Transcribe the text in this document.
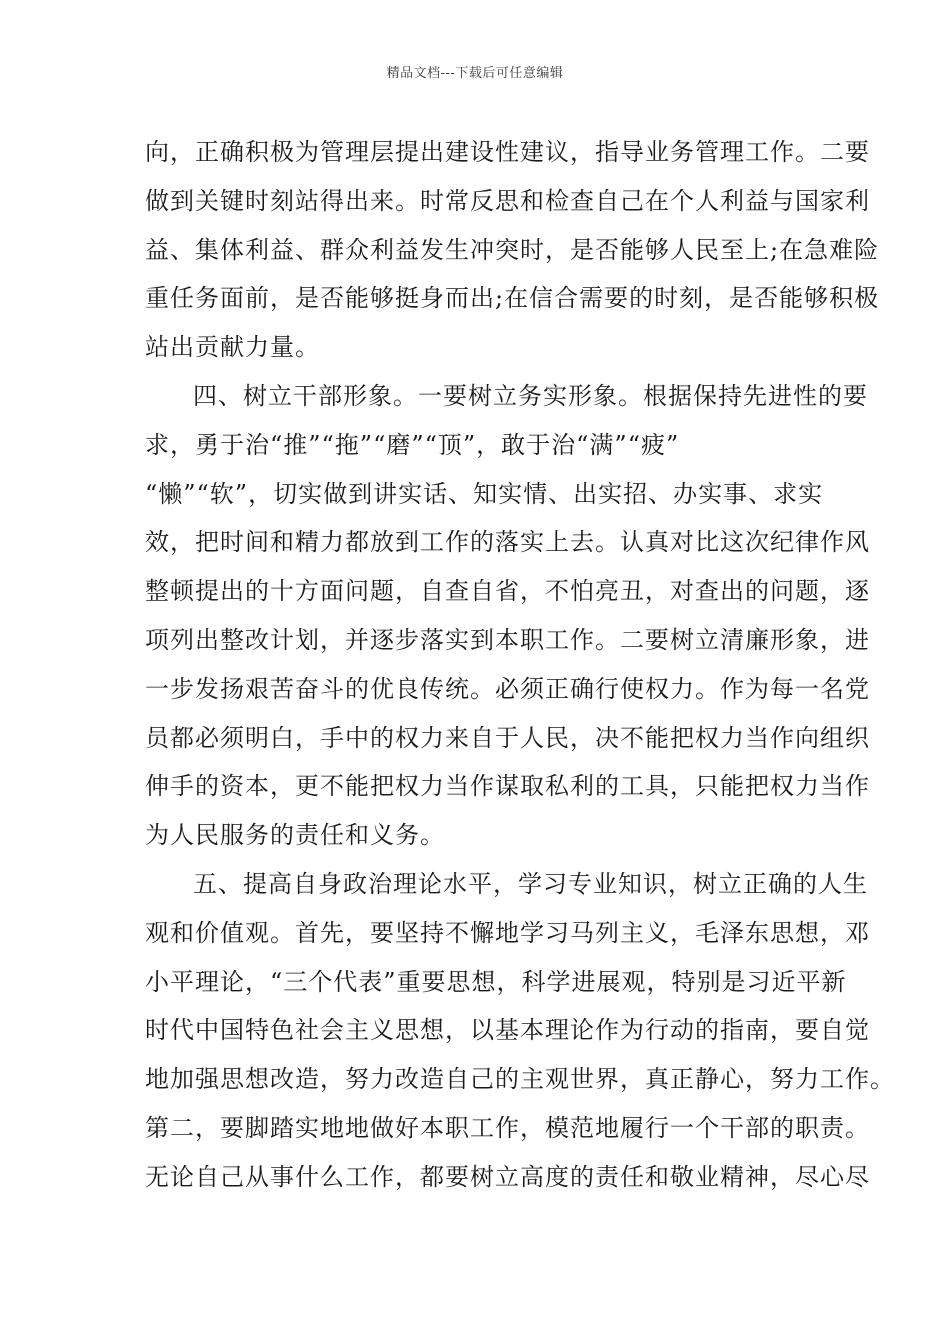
精品文档---下载后可任意编辑
向，正确积极为管理层提出建设性建议，指导业务管理工作。二要
做到关键时刻站得出来。时常反思和检查自己在个人利益与国家利
益、集体利益、群众利益发生冲突时，是否能够人民至上;在急难险
重任务面前，是否能够挺身而出;在信合需要的时刻，是否能够积极
站出贡献力量。
四、树立干部形象。一要树立务实形象。根据保持先进性的要
求，勇于治“推”“拖”“磨”“顶”，敢于治“满”“疲”
“懒”“软”，切实做到讲实话、知实情、出实招、办实事、求实
效，把时间和精力都放到工作的落实上去。认真对比这次纪律作风
整顿提出的十方面问题，自查自省，不怕亮丑，对查出的问题，逐
项列出整改计划，并逐步落实到本职工作。二要树立清廉形象，进
一步发扬艰苦奋斗的优良传统。必须正确行使权力。作为每一名党
员都必须明白，手中的权力来自于人民，决不能把权力当作向组织
伸手的资本，更不能把权力当作谋取私利的工具，只能把权力当作
为人民服务的责任和义务。
五、提高自身政治理论水平，学习专业知识，树立正确的人生
观和价值观。首先，要坚持不懈地学习马列主义，毛泽东思想，邓
小平理论，“三个代表”重要思想，科学进展观，特别是习近平新
时代中国特色社会主义思想，以基本理论作为行动的指南，要自觉
地加强思想改造，努力改造自己的主观世界，真正静心，努力工作。
第二，要脚踏实地地做好本职工作，模范地履行一个干部的职责。
无论自己从事什么工作，都要树立高度的责任和敬业精神，尽心尽
